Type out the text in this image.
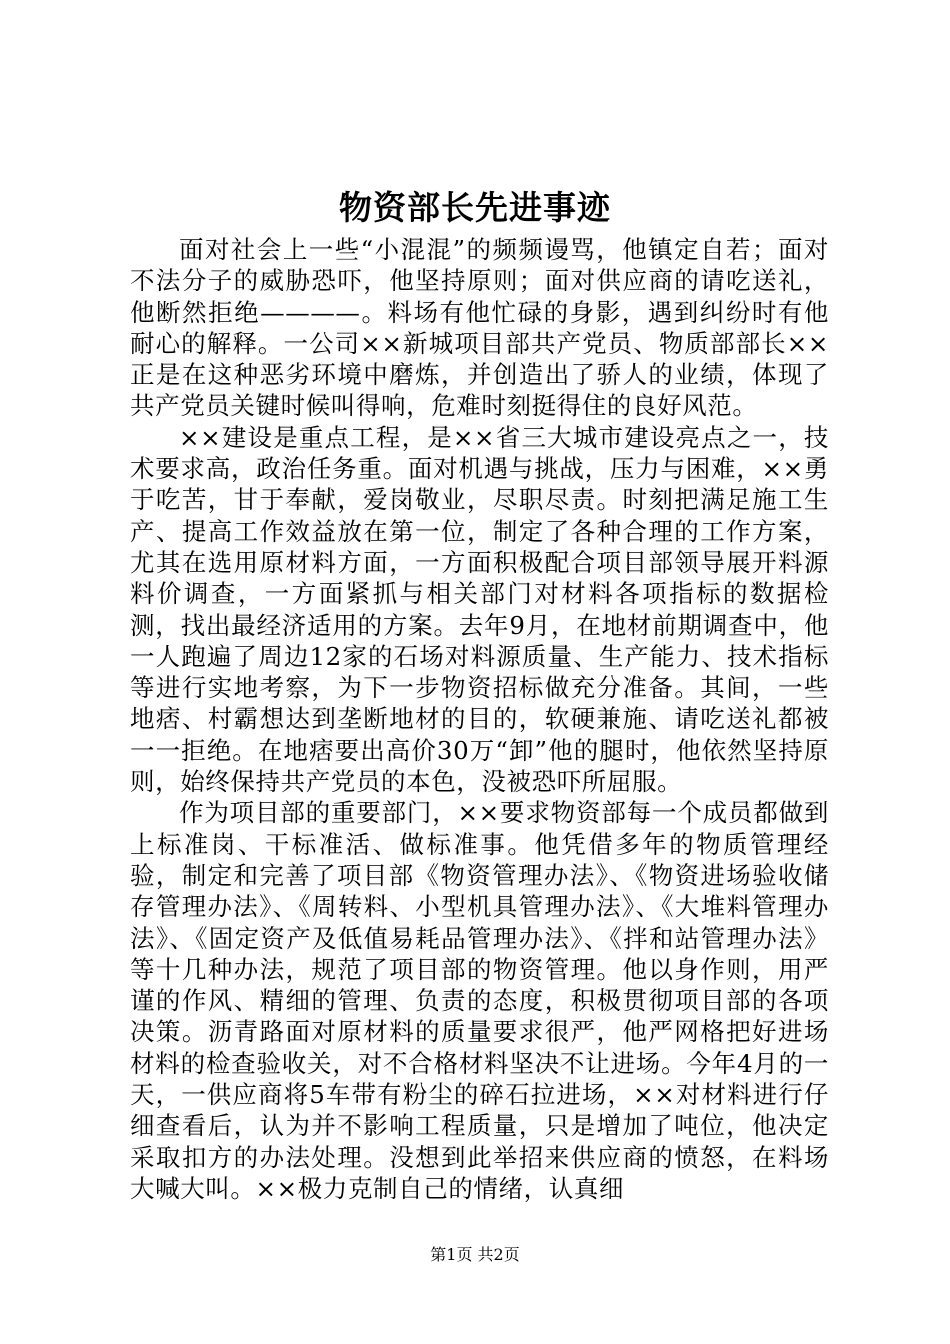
物资部长先进事迹

面对社会上一些“小混混”的频频谩骂，他镇定自若；面对不法分子的威胁恐吓，他坚持原则；面对供应商的请吃送礼，他断然拒绝————。料场有他忙碌的身影，遇到纠纷时有他耐心的解释。一公司××新城项目部共产党员、物质部部长××正是在这种恶劣环境中磨炼，并创造出了骄人的业绩，体现了共产党员关键时候叫得响，危难时刻挺得住的良好风范。

××建设是重点工程，是××省三大城市建设亮点之一，技术要求高，政治任务重。面对机遇与挑战，压力与困难，××勇于吃苦，甘于奉献，爱岗敬业，尽职尽责。时刻把满足施工生产、提高工作效益放在第一位，制定了各种合理的工作方案，尤其在选用原材料方面，一方面积极配合项目部领导展开料源料价调查，一方面紧抓与相关部门对材料各项指标的数据检测，找出最经济适用的方案。去年9月，在地材前期调查中，他一人跑遍了周边12家的石场对料源质量、生产能力、技术指标等进行实地考察，为下一步物资招标做充分准备。其间，一些地痞、村霸想达到垄断地材的目的，软硬兼施、请吃送礼都被一一拒绝。在地痞要出高价30万“卸”他的腿时，他依然坚持原则，始终保持共产党员的本色，没被恐吓所屈服。

作为项目部的重要部门，××要求物资部每一个成员都做到上标准岗、干标准活、做标准事。他凭借多年的物质管理经验，制定和完善了项目部《物资管理办法》、《物资进场验收储存管理办法》、《周转料、小型机具管理办法》、《大堆料管理办法》、《固定资产及低值易耗品管理办法》、《拌和站管理办法》等十几种办法，规范了项目部的物资管理。他以身作则，用严谨的作风、精细的管理、负责的态度，积极贯彻项目部的各项决策。沥青路面对原材料的质量要求很严，他严网格把好进场材料的检查验收关，对不合格材料坚决不让进场。今年4月的一天，一供应商将5车带有粉尘的碎石拉进场，××对材料进行仔细查看后，认为并不影响工程质量，只是增加了吨位，他决定采取扣方的办法处理。没想到此举招来供应商的愤怒，在料场大喊大叫。××极力克制自己的情绪，认真细

第1页 共2页
